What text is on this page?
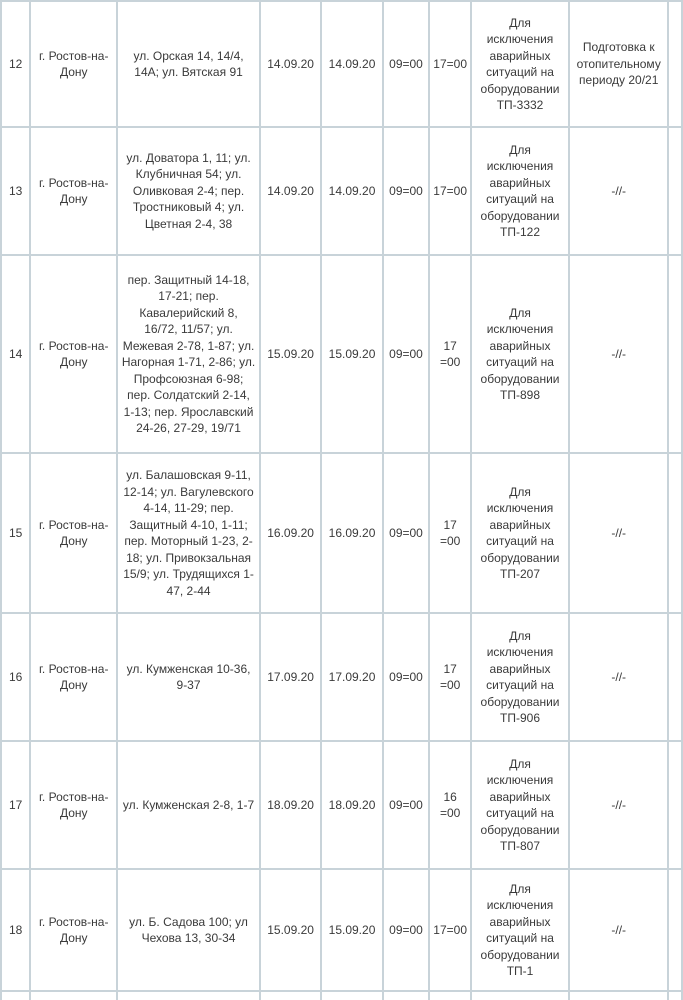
12	г. Ростов-на-Дону	ул. Орская 14, 14/4, 14А; ул. Вятская 91	14.09.20	14.09.20	09=00	17=00	Для исключения аварийных ситуаций на оборудовании ТП-3332	Подготовка к отопительному периоду 20/21	
13	г. Ростов-на-Дону	ул. Доватора 1, 11; ул. Клубничная 54; ул. Оливковая 2-4; пер. Тростниковый 4; ул. Цветная 2-4, 38	14.09.20	14.09.20	09=00	17=00	Для исключения аварийных ситуаций на оборудовании ТП-122	-//-	
14	г. Ростов-на-Дону	пер. Защитный 14-18, 17-21; пер. Кавалерийский 8, 16/72, 11/57; ул. Межевая 2-78, 1-87; ул. Нагорная 1-71, 2-86; ул. Профсоюзная 6-98; пер. Солдатский 2-14, 1-13; пер. Ярославский 24-26, 27-29, 19/71	15.09.20	15.09.20	09=00	17 =00	Для исключения аварийных ситуаций на оборудовании ТП-898	-//-	
15	г. Ростов-на-Дону	ул. Балашовская 9-11, 12-14; ул. Вагулевского 4-14, 11-29; пер. Защитный 4-10, 1-11; пер. Моторный 1-23, 2-18; ул. Привокзальная 15/9; ул. Трудящихся 1-47, 2-44	16.09.20	16.09.20	09=00	17 =00	Для исключения аварийных ситуаций на оборудовании ТП-207	-//-	
16	г. Ростов-на-Дону	ул. Кумженская 10-36, 9-37	17.09.20	17.09.20	09=00	17 =00	Для исключения аварийных ситуаций на оборудовании ТП-906	-//-	
17	г. Ростов-на-Дону	ул. Кумженская 2-8, 1-7	18.09.20	18.09.20	09=00	16 =00	Для исключения аварийных ситуаций на оборудовании ТП-807	-//-	
18	г. Ростов-на-Дону	ул. Б. Садова 100; ул Чехова 13, 30-34	15.09.20	15.09.20	09=00	17=00	Для исключения аварийных ситуаций на оборудовании ТП-1	-//-	
